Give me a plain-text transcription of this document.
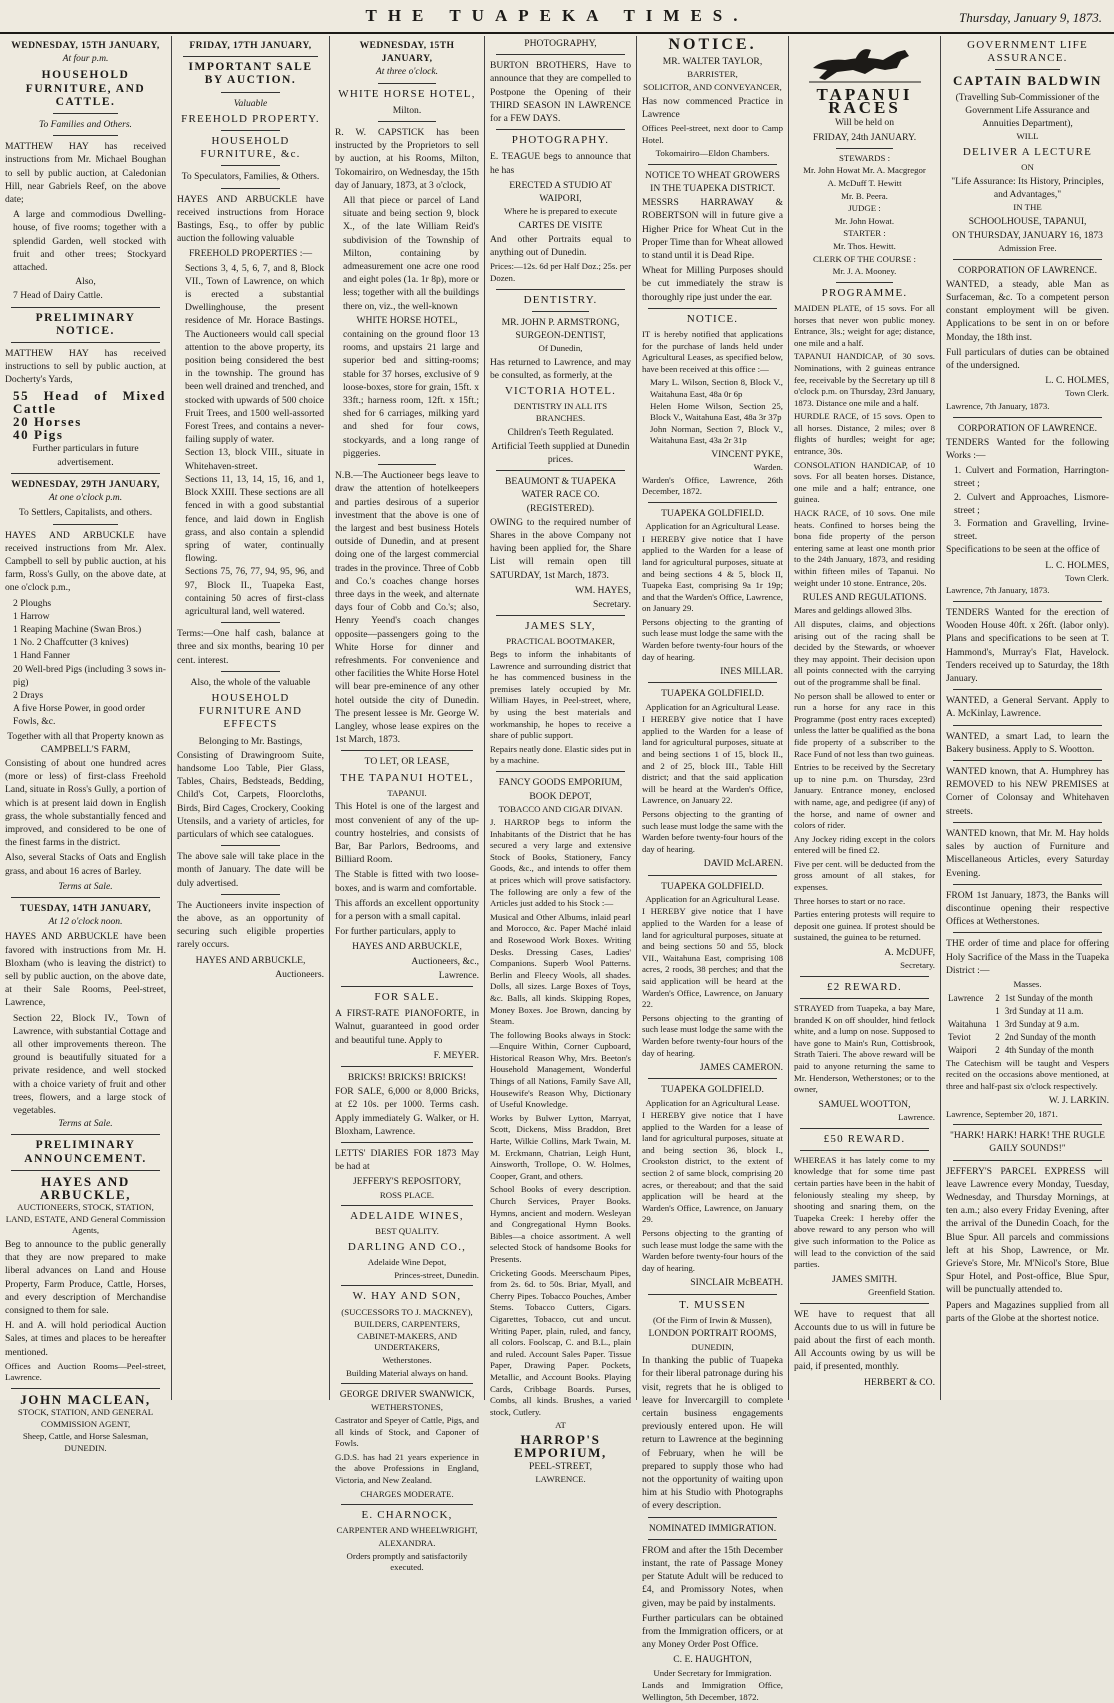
THE TUAPEKA TIMES.	Thursday, January 9, 1873.
WEDNESDAY, 15TH JANUARY,
At four p.m.
HOUSEHOLD FURNITURE, AND CATTLE.
To Families and Others.

MATTHEW HAY has received instructions from Mr. Michael Boughan to sell by public auction, at Caledonian Hill, near Gabriels Reef, on the above date;

A large and commodious Dwelling-house, of five rooms; together with a splendid Garden, well stocked with fruit and other trees; Stockyard attached.

Also,

7 Head of Dairy Cattle.

PRELIMINARY NOTICE.

MATTHEW HAY has received instructions to sell by public auction, at Docherty's Yards,

55 Head of Mixed Cattle

20 Horses

40 Pigs

Further particulars in future advertisement.

WEDNESDAY, 29TH JANUARY,
At one o'clock p.m.
To Settlers, Capitalists, and others.

HAYES AND ARBUCKLE have received instructions from Mr. Alex. Campbell to sell by public auction, at his farm, Ross's Gully, on the above date, at one o'clock p.m.,

2 Ploughs

1 Harrow

1 Reaping Machine (Swan Bros.)

1 No. 2 Chaffcutter (3 knives)

1 Hand Fanner

20 Well-bred Pigs (including 3 sows in-pig)

2 Drays

A five Horse Power, in good order

Fowls, &c.

Together with all that Property known as CAMPBELL'S FARM,

Consisting of about one hundred acres (more or less) of first-class Freehold Land, situate in Ross's Gully, a portion of which is at present laid down in English grass, the whole substantially fenced and improved, and considered to be one of the finest farms in the district.

Also, several Stacks of Oats and English grass, and about 16 acres of Barley.

Terms at Sale.
TUESDAY, 14TH JANUARY,
At 12 o'clock noon.

HAYES AND ARBUCKLE have been favored with instructions from Mr. H. Bloxham (who is leaving the district) to sell by public auction, on the above date, at their Sale Rooms, Peel-street, Lawrence,

Section 22, Block IV., Town of Lawrence, with substantial Cottage and all other improvements thereon. The ground is beautifully situated for a private residence, and well stocked with a choice variety of fruit and other trees, flowers, and a large stock of vegetables.

Terms at Sale.
PRELIMINARY ANNOUNCEMENT.
HAYES AND ARBUCKLE,
AUCTIONEERS, STOCK, STATION, LAND, ESTATE, AND General Commission Agents,

Beg to announce to the public generally that they are now prepared to make liberal advances on Land and House Property, Farm Produce, Cattle, Horses, and every description of Merchandise consigned to them for sale.

H. and A. will hold periodical Auction Sales, at times and places to be hereafter mentioned.

Offices and Auction Rooms—Peel-street, Lawrence.

JOHN MACLEAN,
STOCK, STATION, AND GENERAL COMMISSION AGENT,
Sheep, Cattle, and Horse Salesman, DUNEDIN.
FRIDAY, 17TH JANUARY,
IMPORTANT SALE BY AUCTION.
Valuable
FREEHOLD PROPERTY.
HOUSEHOLD FURNITURE, &c.
To Speculators, Families, & Others.

HAYES AND ARBUCKLE have received instructions from Horace Bastings, Esq., to offer by public auction the following valuable

FREEHOLD PROPERTIES :—

Sections 3, 4, 5, 6, 7, and 8, Block VII., Town of Lawrence, on which is erected a substantial Dwellinghouse, the present residence of Mr. Horace Bastings. The Auctioneers would call special attention to the above property, its position being considered the best in the township. The ground has been well drained and trenched, and stocked with upwards of 500 choice Fruit Trees, and 1500 well-assorted Forest Trees, and contains a never-failing supply of water.

Section 13, block VIII., situate in Whitehaven-street.

Sections 11, 13, 14, 15, 16, and 1, Block XXIII. These sections are all fenced in with a good substantial fence, and laid down in English grass, and also contain a splendid spring of water, continually flowing.

Sections 75, 76, 77, 94, 95, 96, and 97, Block II., Tuapeka East, containing 50 acres of first-class agricultural land, well watered.

Terms:—One half cash, balance at three and six months, bearing 10 per cent. interest.

Also, the whole of the valuable
HOUSEHOLD FURNITURE AND EFFECTS
Belonging to Mr. Bastings,

Consisting of Drawingroom Suite, handsome Loo Table, Pier Glass, Tables, Chairs, Bedsteads, Bedding, Child's Cot, Carpets, Floorcloths, Birds, Bird Cages, Crockery, Cooking Utensils, and a variety of articles, for particulars of which see catalogues.

The above sale will take place in the month of January. The date will be duly advertised.

The Auctioneers invite inspection of the above, as an opportunity of securing such eligible properties rarely occurs.

HAYES AND ARBUCKLE,
Auctioneers.
WEDNESDAY, 15TH JANUARY,
At three o'clock.
WHITE HORSE HOTEL,
Milton.

R. W. CAPSTICK has been instructed by the Proprietors to sell by auction, at his Rooms, Milton, Tokomairiro, on Wednesday, the 15th day of January, 1873, at 3 o'clock,

All that piece or parcel of Land situate and being section 9, block X., of the late William Reid's subdivision of the Township of Milton, containing by admeasurement one acre one rood and eight poles (1a. 1r 8p), more or less; together with all the buildings there on, viz., the well-known

WHITE HORSE HOTEL,

containing on the ground floor 13 rooms, and upstairs 21 large and superior bed and sitting-rooms; stable for 37 horses, exclusive of 9 loose-boxes, store for grain, 15ft. x 33ft.; harness room, 12ft. x 15ft.; shed for 6 carriages, milking yard and shed for four cows, stockyards, and a long range of piggeries.

N.B.—The Auctioneer begs leave to draw the attention of hotelkeepers and parties desirous of a superior investment that the above is one of the largest and best business Hotels outside of Dunedin, and at present doing one of the largest commercial trades in the province. Three of Cobb and Co.'s coaches change horses three days in the week, and alternate days four of Cobb and Co.'s; also, Henry Yeend's coach changes opposite—passengers going to the White Horse for dinner and refreshments. For convenience and other facilities the White Horse Hotel will bear pre-eminence of any other hotel outside the city of Dunedin. The present lessee is Mr. George W. Langley, whose lease expires on the 1st March, 1873.

TO LET, OR LEASE,
THE TAPANUI HOTEL,
TAPANUI.

This Hotel is one of the largest and most convenient of any of the up-country hostelries, and consists of Bar, Bar Parlors, Bedrooms, and Billiard Room.

The Stable is fitted with two loose-boxes, and is warm and comfortable.

This affords an excellent opportunity for a person with a small capital.

For further particulars, apply to

HAYES AND ARBUCKLE,
Auctioneers, &c.,
Lawrence.
FOR SALE.

A FIRST-RATE PIANOFORTE, in Walnut, guaranteed in good order and beautiful tune. Apply to

F. MEYER.
BRICKS! BRICKS! BRICKS!

FOR SALE, 6,000 or 8,000 Bricks, at £2 10s. per 1000. Terms cash. Apply immediately G. Walker, or H. Bloxham, Lawrence.

LETTS' DIARIES FOR 1873 May be had at

JEFFERY'S REPOSITORY,
ROSS PLACE.
ADELAIDE WINES,
BEST QUALITY.
DARLING AND CO.,
Adelaide Wine Depot,
Princes-street, Dunedin.
W. HAY AND SON,
(SUCCESSORS TO J. MACKNEY),
BUILDERS, CARPENTERS, CABINET-MAKERS, AND UNDERTAKERS,
Wetherstones.
Building Material always on hand.
GEORGE DRIVER SWANWICK,
WETHERSTONES,

Castrator and Speyer of Cattle, Pigs, and all kinds of Stock, and Caponer of Fowls.

G.D.S. has had 21 years experience in the above Professions in England, Victoria, and New Zealand.

CHARGES MODERATE.
E. CHARNOCK,
CARPENTER AND WHEELWRIGHT,
ALEXANDRA.
Orders promptly and satisfactorily executed.
PHOTOGRAPHY,

BURTON BROTHERS, Have to announce that they are compelled to Postpone the Opening of their THIRD SEASON IN LAWRENCE for a FEW DAYS.

PHOTOGRAPHY.

E. TEAGUE begs to announce that he has

ERECTED A STUDIO AT WAIPORI,
Where he is prepared to execute
CARTES DE VISITE

And other Portraits equal to anything out of Dunedin.

Prices:—12s. 6d per Half Doz.; 25s. per Dozen.

DENTISTRY.
MR. JOHN P. ARMSTRONG, SURGEON-DENTIST,
Of Dunedin,

Has returned to Lawrence, and may be consulted, as formerly, at the

VICTORIA HOTEL.
DENTISTRY IN ALL ITS BRANCHES.
Children's Teeth Regulated.
Artificial Teeth supplied at Dunedin prices.
BEAUMONT & TUAPEKA WATER RACE CO. (REGISTERED).

OWING to the required number of Shares in the above Company not having been applied for, the Share List will remain open till SATURDAY, 1st March, 1873.

WM. HAYES,
Secretary.
JAMES SLY,
PRACTICAL BOOTMAKER,

Begs to inform the inhabitants of Lawrence and surrounding district that he has commenced business in the premises lately occupied by Mr. William Hayes, in Peel-street, where, by using the best materials and workmanship, he hopes to receive a share of public support.

Repairs neatly done. Elastic sides put in by a machine.

FANCY GOODS EMPORIUM,
BOOK DEPOT,
TOBACCO AND CIGAR DIVAN.

J. HARROP begs to inform the Inhabitants of the District that he has secured a very large and extensive Stock of Books, Stationery, Fancy Goods, &c., and intends to offer them at prices which will prove satisfactory. The following are only a few of the Articles just added to his Stock :—

Musical and Other Albums, inlaid pearl and Morocco, &c. Paper Maché inlaid and Rosewood Work Boxes. Writing Desks. Dressing Cases, Ladies' Companions. Superb Wool Patterns. Berlin and Fleecy Wools, all shades. Dolls, all sizes. Large Boxes of Toys, &c. Balls, all kinds. Skipping Ropes, Money Boxes. Joe Brown, dancing by Steam.

The following Books always in Stock:—Enquire Within, Corner Cupboard, Historical Reason Why, Mrs. Beeton's Household Management, Wonderful Things of all Nations, Family Save All, Housewife's Reason Why, Dictionary of Useful Knowledge.

Works by Bulwer Lytton, Marryat, Scott, Dickens, Miss Braddon, Bret Harte, Wilkie Collins, Mark Twain, M. M. Erckmann, Chatrian, Leigh Hunt, Ainsworth, Trollope, O. W. Holmes, Cooper, Grant, and others.

School Books of every description. Church Services, Prayer Books. Hymns, ancient and modern. Wesleyan and Congregational Hymn Books. Bibles—a choice assortment. A well selected Stock of handsome Books for Presents.

Cricketing Goods. Meerschaum Pipes, from 2s. 6d. to 50s. Briar, Myall, and Cherry Pipes. Tobacco Pouches, Amber Stems. Tobacco Cutters, Cigars. Cigarettes, Tobacco, cut and uncut. Writing Paper, plain, ruled, and fancy, all colors. Foolscap, C. and B.L., plain and ruled. Account Sales Paper. Tissue Paper, Drawing Paper. Pockets, Metallic, and Account Books. Playing Cards, Cribbage Boards. Purses, Combs, all kinds. Brushes, a varied stock, Cutlery.

AT
HARROP'S EMPORIUM,
PEEL-STREET,
LAWRENCE.
NOTICE.
MR. WALTER TAYLOR,
BARRISTER,
SOLICITOR, AND CONVEYANCER,

Has now commenced Practice in Lawrence

Offices Peel-street, next door to Camp Hotel.

Tokomairiro—Eldon Chambers.
NOTICE TO WHEAT GROWERS IN THE TUAPEKA DISTRICT.

MESSRS HARRAWAY & ROBERTSON will in future give a Higher Price for Wheat Cut in the Proper Time than for Wheat allowed to stand until it is Dead Ripe.

Wheat for Milling Purposes should be cut immediately the straw is thoroughly ripe just under the ear.

NOTICE.

IT is hereby notified that applications for the purchase of lands held under Agricultural Leases, as specified below, have been received at this office :—

Mary L. Wilson, Section 8, Block V., Waitahuna East, 48a 0r 6p

Helen Home Wilson, Section 25, Block V., Waitahuna East, 48a 3r 37p

John Norman, Section 7, Block V., Waitahuna East, 43a 2r 31p

VINCENT PYKE,
Warden.

Warden's Office, Lawrence, 26th December, 1872.

TUAPEKA GOLDFIELD.
Application for an Agricultural Lease.

I HEREBY give notice that I have applied to the Warden for a lease of land for agricultural purposes, situate at and being sections 4 & 5, block II, Tuapeka East, comprising 9a 1r 19p; and that the Warden's Office, Lawrence, on January 29.

Persons objecting to the granting of such lease must lodge the same with the Warden before twenty-four hours of the day of hearing.

INES MILLAR.
TUAPEKA GOLDFIELD.
Application for an Agricultural Lease.

I HEREBY give notice that I have applied to the Warden for a lease of land for agricultural purposes, situate at and being sections 1 of 15, block II., and 2 of 25, block III., Table Hill district; and that the said application will be heard at the Warden's Office, Lawrence, on January 22.

Persons objecting to the granting of such lease must lodge the same with the Warden before twenty-four hours of the day of hearing.

DAVID McLAREN.
TUAPEKA GOLDFIELD.
Application for an Agricultural Lease.

I HEREBY give notice that I have applied to the Warden for a lease of land for agricultural purposes, situate at and being sections 50 and 55, block VII., Waitahuna East, comprising 108 acres, 2 roods, 38 perches; and that the said application will be heard at the Warden's Office, Lawrence, on January 22.

Persons objecting to the granting of such lease must lodge the same with the Warden before twenty-four hours of the day of hearing.

JAMES CAMERON.
TUAPEKA GOLDFIELD.
Application for an Agricultural Lease.

I HEREBY give notice that I have applied to the Warden for a lease of land for agricultural purposes, situate at and being section 36, block I., Crookston district, to the extent of section 2 of same block, comprising 20 acres, or thereabout; and that the said application will be heard at the Warden's Office, Lawrence, on January 29.

Persons objecting to the granting of such lease must lodge the same with the Warden before twenty-four hours of the day of hearing.

SINCLAIR McBEATH.
T. MUSSEN
(Of the Firm of Irwin & Mussen),
LONDON PORTRAIT ROOMS,
DUNEDIN,

In thanking the public of Tuapeka for their liberal patronage during his visit, regrets that he is obliged to leave for Invercargill to complete certain business engagements previously entered upon. He will return to Lawrence at the beginning of February, when he will be prepared to supply those who had not the opportunity of waiting upon him at his Studio with Photographs of every description.

NOMINATED IMMIGRATION.

FROM and after the 15th December instant, the rate of Passage Money per Statute Adult will be reduced to £4, and Promissory Notes, when given, may be paid by instalments.

Further particulars can be obtained from the Immigration officers, or at any Money Order Post Office.

C. E. HAUGHTON,
Under Secretary for Immigration.

Lands and Immigration Office, Wellington, 5th December, 1872.

TAPANUI RACES
Will be held on
FRIDAY, 24th JANUARY.
STEWARDS :
Mr. John Howat Mr. A. Macgregor
A. McDuff T. Hewitt
Mr. B. Peera.
JUDGE :
Mr. John Howat.
STARTER :
Mr. Thos. Hewitt.
CLERK OF THE COURSE :
Mr. J. A. Mooney.
PROGRAMME.

MAIDEN PLATE, of 15 sovs. For all horses that never won public money. Entrance, 3ls.; weight for age; distance, one mile and a half.

TAPANUI HANDICAP, of 30 sovs. Nominations, with 2 guineas entrance fee, receivable by the Secretary up till 8 o'clock p.m. on Thursday, 23rd January, 1873. Distance one mile and a half.

HURDLE RACE, of 15 sovs. Open to all horses. Distance, 2 miles; over 8 flights of hurdles; weight for age; entrance, 30s.

CONSOLATION HANDICAP, of 10 sovs. For all beaten horses. Distance, one mile and a half; entrance, one guinea.

HACK RACE, of 10 sovs. One mile heats. Confined to horses being the bona fide property of the person entering same at least one month prior to the 24th January, 1873, and residing within fifteen miles of Tapanui. No weight under 10 stone. Entrance, 20s.

RULES AND REGULATIONS.

Mares and geldings allowed 3lbs.

All disputes, claims, and objections arising out of the racing shall be decided by the Stewards, or whoever they may appoint. Their decision upon all points connected with the carrying out of the programme shall be final.

No person shall be allowed to enter or run a horse for any race in this Programme (post entry races excepted) unless the latter be qualified as the bona fide property of a subscriber to the Race Fund of not less than two guineas.

Entries to be received by the Secretary up to nine p.m. on Thursday, 23rd January. Entrance money, enclosed with name, age, and pedigree (if any) of the horse, and name of owner and colors of rider.

Any Jockey riding except in the colors entered will be fined £2.

Five per cent. will be deducted from the gross amount of all stakes, for expenses.

Three horses to start or no race.

Parties entering protests will require to deposit one guinea. If protest should be sustained, the guinea to be returned.

A. McDUFF,
Secretary.
£2 REWARD.

STRAYED from Tuapeka, a bay Mare, branded K on off shoulder, hind fetlock white, and a lump on nose. Supposed to have gone to Main's Run, Cottisbrook, Strath Taieri. The above reward will be paid to anyone returning the same to Mr. Henderson, Wetherstones; or to the owner,

SAMUEL WOOTTON,
Lawrence.
£50 REWARD.

WHEREAS it has lately come to my knowledge that for some time past certain parties have been in the habit of feloniously stealing my sheep, by shooting and snaring them, on the Tuapeka Creek: I hereby offer the above reward to any person who will give such information to the Police as will lead to the conviction of the said parties.

JAMES SMITH.
Greenfield Station.

WE have to request that all Accounts due to us will in future be paid about the first of each month. All Accounts owing by us will be paid, if presented, monthly.

HERBERT & CO.
GOVERNMENT LIFE ASSURANCE.
CAPTAIN BALDWIN

(Travelling Sub-Commissioner of the Government Life Assurance and Annuities Department),

WILL
DELIVER A LECTURE
ON

"Life Assurance: Its History, Principles, and Advantages,"

IN THE
SCHOOLHOUSE, TAPANUI,
ON THURSDAY, JANUARY 16, 1873
Admission Free.
CORPORATION OF LAWRENCE.

WANTED, a steady, able Man as Surfaceman, &c. To a competent person constant employment will be given. Applications to be sent in on or before Monday, the 18th inst.

Full particulars of duties can be obtained of the undersigned.

L. C. HOLMES,
Town Clerk.
Lawrence, 7th January, 1873.
CORPORATION OF LAWRENCE.

TENDERS Wanted for the following Works :—

1. Culvert and Formation, Harrington-street ;

2. Culvert and Approaches, Lismore-street ;

3. Formation and Gravelling, Irvine-street.

Specifications to be seen at the office of

L. C. HOLMES,
Town Clerk.
Lawrence, 7th January, 1873.

TENDERS Wanted for the erection of Wooden House 40ft. x 26ft. (labor only). Plans and specifications to be seen at T. Hammond's, Murray's Flat, Havelock. Tenders received up to Saturday, the 18th January.

WANTED, a General Servant. Apply to A. McKinlay, Lawrence.

WANTED, a smart Lad, to learn the Bakery business. Apply to S. Wootton.

WANTED known, that A. Humphrey has REMOVED to his NEW PREMISES at Corner of Colonsay and Whitehaven streets.

WANTED known, that Mr. M. Hay holds sales by auction of Furniture and Miscellaneous Articles, every Saturday Evening.

FROM 1st January, 1873, the Banks will discontinue opening their respective Offices at Wetherstones.

THE order of time and place for offering Holy Sacrifice of the Mass in the Tuapeka District :—

Masses.
Lawrence	2	1st Sunday of the month
	1	3rd Sunday at 11 a.m.
Waitahuna	1	3rd Sunday at 9 a.m.
Teviot	2	2nd Sunday of the month
Waipori	2	4th Sunday of the month

The Catechism will be taught and Vespers recited on the occasions above mentioned, at three and half-past six o'clock respectively.

W. J. LARKIN.
Lawrence, September 20, 1871.
"HARK! HARK! HARK! THE RUGLE GAILY SOUNDS!"

JEFFERY'S PARCEL EXPRESS will leave Lawrence every Monday, Tuesday, Wednesday, and Thursday Mornings, at ten a.m.; also every Friday Evening, after the arrival of the Dunedin Coach, for the Blue Spur. All parcels and commissions left at his Shop, Lawrence, or Mr. Grieve's Store, Mr. M'Nicol's Store, Blue Spur Hotel, and Post-office, Blue Spur, will be punctually attended to.

Papers and Magazines supplied from all parts of the Globe at the shortest notice.
